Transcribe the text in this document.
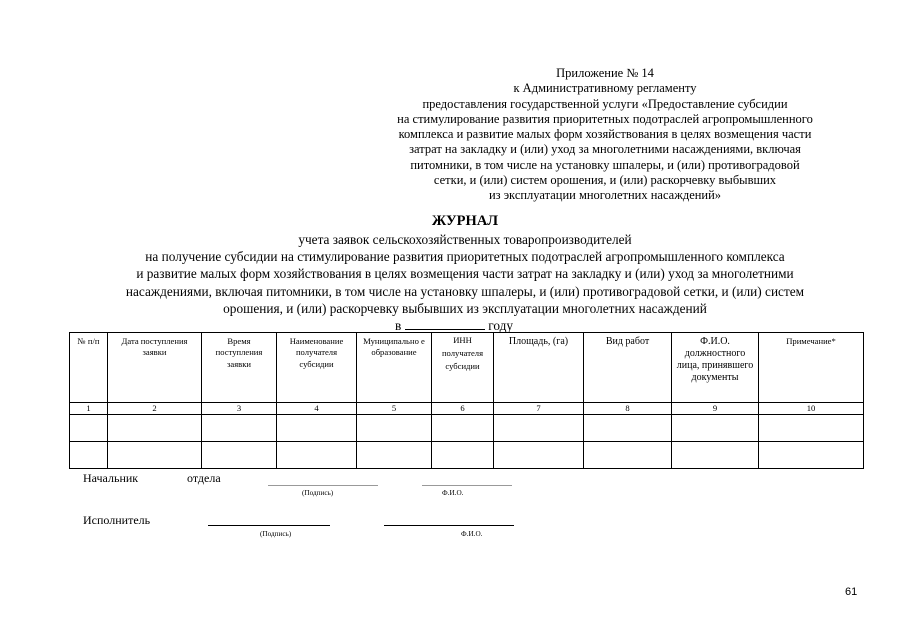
Приложение № 14
к Административному регламенту
предоставления государственной услуги «Предоставление субсидии
на стимулирование развития приоритетных подотраслей агропромышленного
комплекса и развитие малых форм хозяйствования в целях возмещения части
затрат на закладку и (или) уход за многолетними насаждениями, включая
питомники, в том числе на установку шпалеры, и (или) противоградовой
сетки, и (или) систем орошения, и (или) раскорчевку выбывших
из эксплуатации многолетних насаждений»
ЖУРНАЛ
учета заявок сельскохозяйственных товаропроизводителей
на получение субсидии на стимулирование развития приоритетных подотраслей агропромышленного комплекса
и развитие малых форм хозяйствования в целях возмещения части затрат на закладку и (или) уход за многолетними
насаждениями, включая питомники, в том числе на установку шпалеры, и (или) противоградовой сетки, и (или) систем
орошения, и (или) раскорчевку выбывших из эксплуатации многолетних насаждений
в	году
№ п/п	Дата поступления заявки	Время поступления заявки	Наименование получателя субсидии	Муниципально е образование	ИНН получателя субсидии	Площадь, (га)	Вид работ	Ф.И.О. должностного лица, принявшего документы	Примечание*
1	2	3	4	5	6	7	8	9	10

Начальник	отдела
(Подпись)	Ф.И.О.
Исполнитель
(Подпись)	Ф.И.О.
61
